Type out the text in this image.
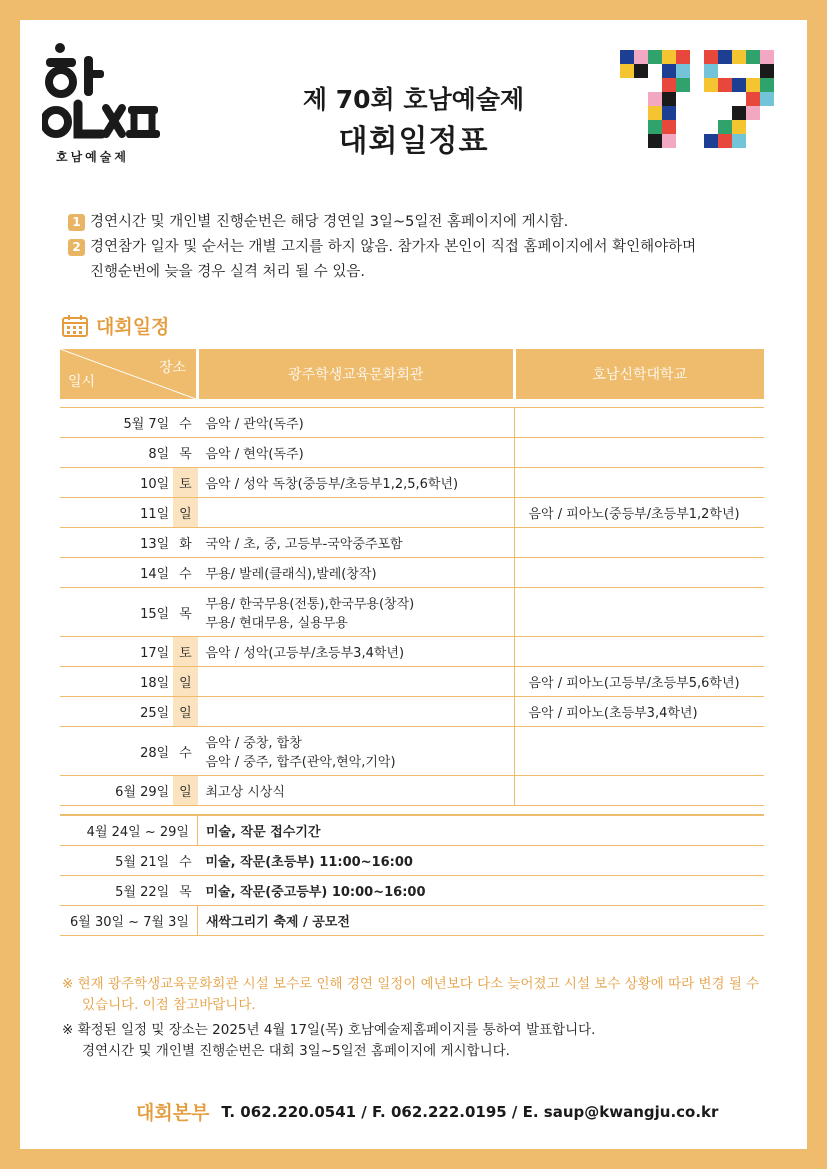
호남예술제
제 70회 호남예술제
대회일정표
1 경연시간 및 개인별 진행순번은 해당 경연일 3일~5일전 홈페이지에 게시함.
2 경연참가 일자 및 순서는 개별 고지를 하지 않음. 참가자 본인이 직접 홈페이지에서 확인해야하며
진행순번에 늦을 경우 실격 처리 될 수 있음.
대회일정
장소
일시		광주학생교육문화회관	호남신학대학교

5월 7일	수	음악 / 관악(독주)	

8일	목	음악 / 현악(독주)	

10일	토	음악 / 성악 독창(중등부/초등부1,2,5,6학년)	

11일	일		음악 / 피아노(중등부/초등부1,2학년)
13일	화	국악 / 초, 중, 고등부-국악중주포함	

14일	수	무용/ 발레(클래식),발레(창작)	

15일	목	무용/ 한국무용(전통),한국무용(창작)
무용/ 현대무용, 실용무용	

17일	토	음악 / 성악(고등부/초등부3,4학년)	

18일	일		음악 / 피아노(고등부/초등부5,6학년)
25일	일		음악 / 피아노(초등부3,4학년)
28일	수	음악 / 중창, 합창
음악 / 중주, 합주(관악,현악,기악)	

6월 29일	일	최고상 시상식	

4월 24일 ~ 29일		미술, 작문 접수기간	
5월 21일	수	미술, 작문(초등부) 11:00~16:00	
5월 22일	목	미술, 작문(중고등부) 10:00~16:00	
6월 30일 ~ 7월 3일		새싹그리기 축제 / 공모전	
※ 현재 광주학생교육문화회관 시설 보수로 인해 경연 일정이 예년보다 다소 늦어졌고 시설 보수 상황에 따라 변경 될 수
있습니다. 이점 참고바랍니다.
※ 확정된 일정 및 장소는 2025년 4월 17일(목) 호남예술제홈페이지를 통하여 발표합니다.
경연시간 및 개인별 진행순번은 대회 3일~5일전 홈페이지에 게시합니다.
대회본부 T. 062.220.0541 / F. 062.222.0195 / E. saup@kwangju.co.kr
